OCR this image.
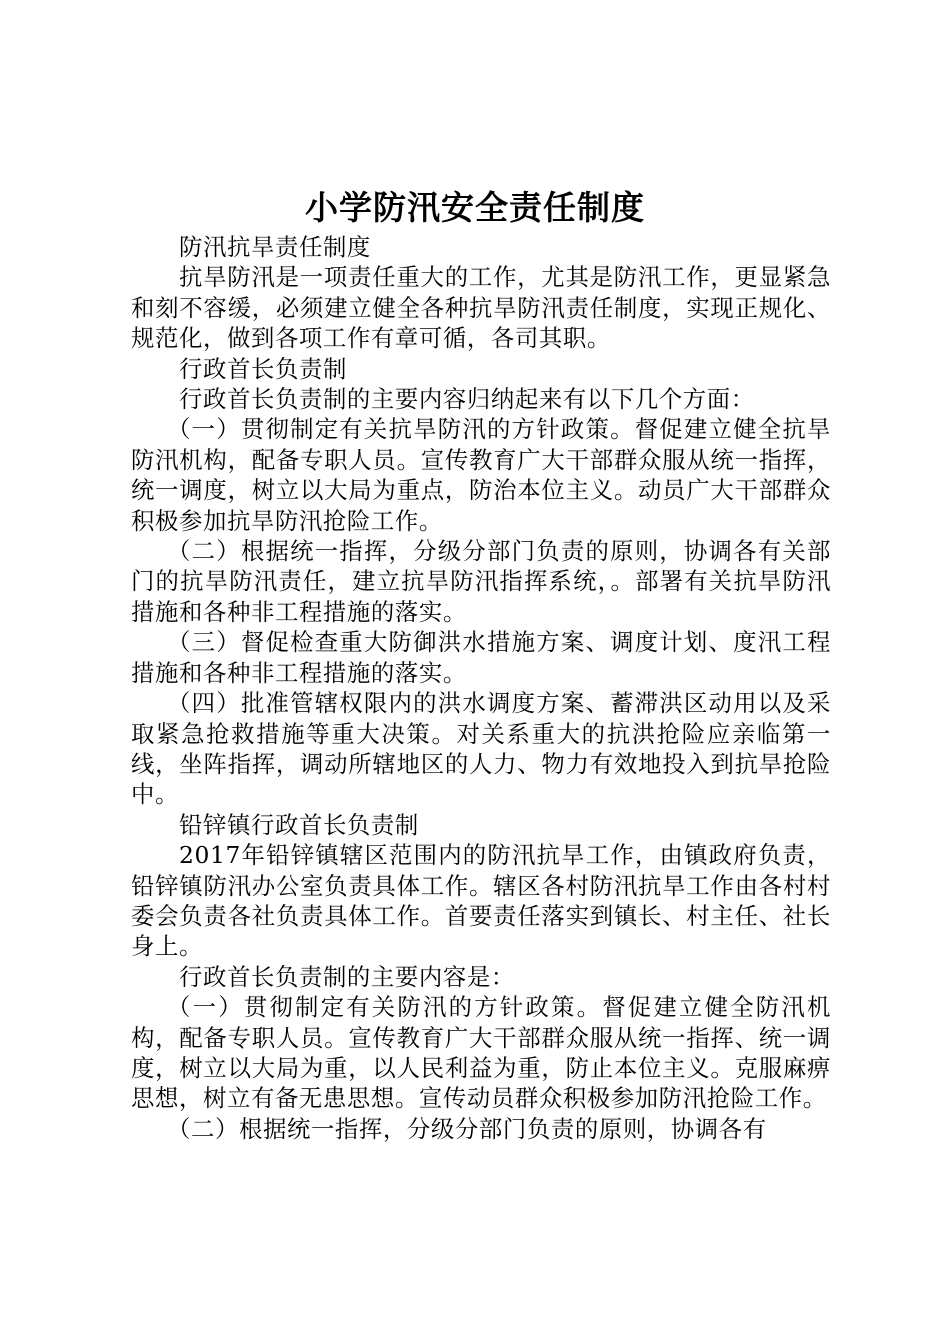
小学防汛安全责任制度

防汛抗旱责任制度

抗旱防汛是一项责任重大的工作，尤其是防汛工作，更显紧急和刻不容缓，必须建立健全各种抗旱防汛责任制度，实现正规化、规范化，做到各项工作有章可循，各司其职。

行政首长负责制

行政首长负责制的主要内容归纳起来有以下几个方面：

（一）贯彻制定有关抗旱防汛的方针政策。督促建立健全抗旱防汛机构，配备专职人员。宣传教育广大干部群众服从统一指挥，统一调度，树立以大局为重点，防治本位主义。动员广大干部群众积极参加抗旱防汛抢险工作。

（二）根据统一指挥，分级分部门负责的原则，协调各有关部门的抗旱防汛责任，建立抗旱防汛指挥系统，。部署有关抗旱防汛措施和各种非工程措施的落实。

（三）督促检查重大防御洪水措施方案、调度计划、度汛工程措施和各种非工程措施的落实。

（四）批准管辖权限内的洪水调度方案、蓄滞洪区动用以及采取紧急抢救措施等重大决策。对关系重大的抗洪抢险应亲临第一线，坐阵指挥，调动所辖地区的人力、物力有效地投入到抗旱抢险中。

铅锌镇行政首长负责制

2017年铅锌镇辖区范围内的防汛抗旱工作，由镇政府负责，铅锌镇防汛办公室负责具体工作。辖区各村防汛抗旱工作由各村村委会负责各社负责具体工作。首要责任落实到镇长、村主任、社长身上。

行政首长负责制的主要内容是：

（一）贯彻制定有关防汛的方针政策。督促建立健全防汛机构，配备专职人员。宣传教育广大干部群众服从统一指挥、统一调度，树立以大局为重，以人民利益为重，防止本位主义。克服麻痹思想，树立有备无患思想。宣传动员群众积极参加防汛抢险工作。

（二）根据统一指挥，分级分部门负责的原则，协调各有
